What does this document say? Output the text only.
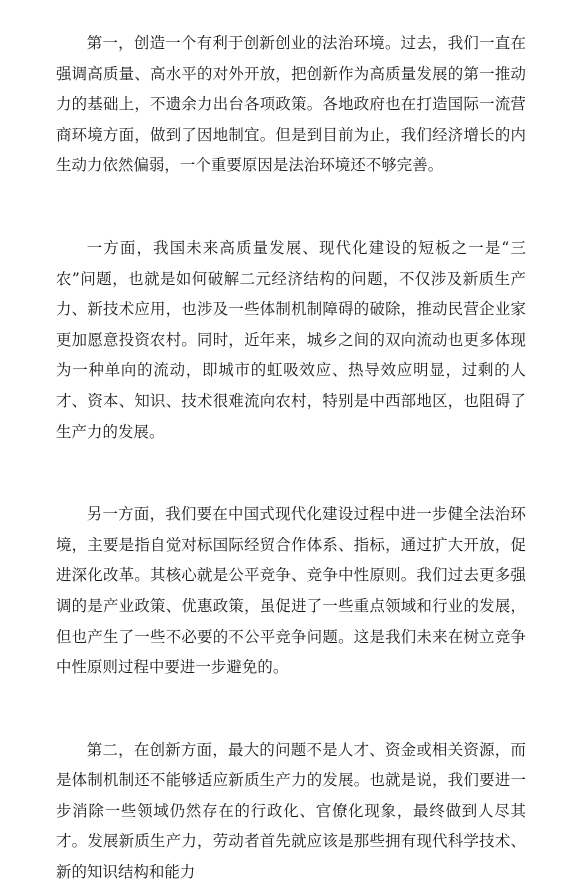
第一，创造一个有利于创新创业的法治环境。过去，我们一直在强调高质量、高水平的对外开放，把创新作为高质量发展的第一推动力的基础上，不遗余力出台各项政策。各地政府也在打造国际一流营商环境方面，做到了因地制宜。但是到目前为止，我们经济增长的内生动力依然偏弱，一个重要原因是法治环境还不够完善。

一方面，我国未来高质量发展、现代化建设的短板之一是“三农”问题，也就是如何破解二元经济结构的问题，不仅涉及新质生产力、新技术应用，也涉及一些体制机制障碍的破除，推动民营企业家更加愿意投资农村。同时，近年来，城乡之间的双向流动也更多体现为一种单向的流动，即城市的虹吸效应、热导效应明显，过剩的人才、资本、知识、技术很难流向农村，特别是中西部地区，也阻碍了生产力的发展。

另一方面，我们要在中国式现代化建设过程中进一步健全法治环境，主要是指自觉对标国际经贸合作体系、指标，通过扩大开放，促进深化改革。其核心就是公平竞争、竞争中性原则。我们过去更多强调的是产业政策、优惠政策，虽促进了一些重点领域和行业的发展，但也产生了一些不必要的不公平竞争问题。这是我们未来在树立竞争中性原则过程中要进一步避免的。

第二，在创新方面，最大的问题不是人才、资金或相关资源，而是体制机制还不能够适应新质生产力的发展。也就是说，我们要进一步消除一些领域仍然存在的行政化、官僚化现象，最终做到人尽其才。发展新质生产力，劳动者首先就应该是那些拥有现代科学技术、新的知识结构和能力
